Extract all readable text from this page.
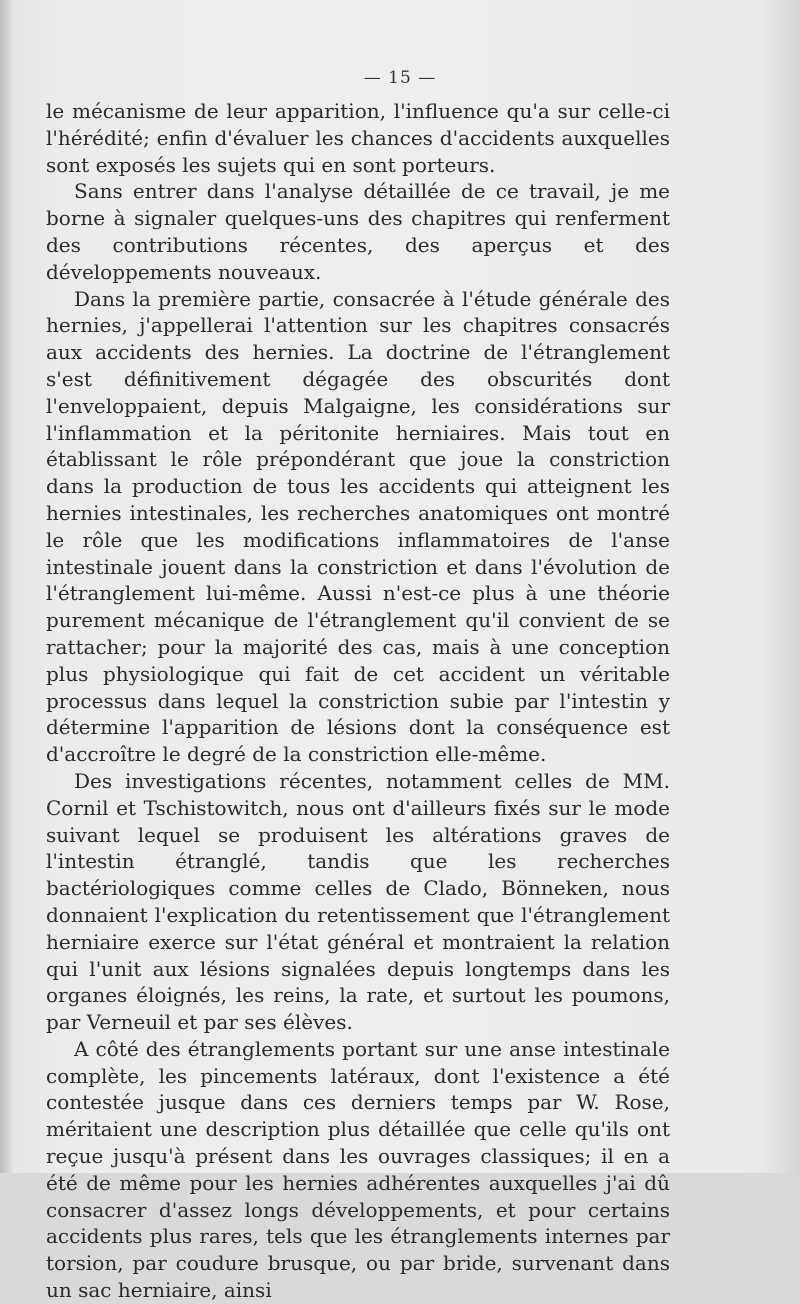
— 15 —

le mécanisme de leur apparition, l'influence qu'a sur celle-ci l'hérédité; enfin d'évaluer les chances d'accidents auxquelles sont exposés les sujets qui en sont porteurs.

Sans entrer dans l'analyse détaillée de ce travail, je me borne à signaler quelques-uns des chapitres qui renferment des contributions récentes, des aperçus et des développements nouveaux.

Dans la première partie, consacrée à l'étude générale des hernies, j'appellerai l'attention sur les chapitres consacrés aux accidents des hernies. La doctrine de l'étranglement s'est définitivement dégagée des obscurités dont l'enveloppaient, depuis Malgaigne, les considérations sur l'inflammation et la péritonite herniaires. Mais tout en établissant le rôle prépondérant que joue la constriction dans la production de tous les accidents qui atteignent les hernies intestinales, les recherches anatomiques ont montré le rôle que les modifications inflammatoires de l'anse intestinale jouent dans la constriction et dans l'évolution de l'étranglement lui-même. Aussi n'est-ce plus à une théorie purement mécanique de l'étranglement qu'il convient de se rattacher; pour la majorité des cas, mais à une conception plus physiologique qui fait de cet accident un véritable processus dans lequel la constriction subie par l'intestin y détermine l'apparition de lésions dont la conséquence est d'accroître le degré de la constriction elle-même.

Des investigations récentes, notamment celles de MM. Cornil et Tschistowitch, nous ont d'ailleurs fixés sur le mode suivant lequel se produisent les altérations graves de l'intestin étranglé, tandis que les recherches bactériologiques comme celles de Clado, Bönneken, nous donnaient l'explication du retentissement que l'étranglement herniaire exerce sur l'état général et montraient la relation qui l'unit aux lésions signalées depuis longtemps dans les organes éloignés, les reins, la rate, et surtout les poumons, par Verneuil et par ses élèves.

A côté des étranglements portant sur une anse intestinale complète, les pincements latéraux, dont l'existence a été contestée jusque dans ces derniers temps par W. Rose, méritaient une description plus détaillée que celle qu'ils ont reçue jusqu'à présent dans les ouvrages classiques; il en a été de même pour les hernies adhérentes auxquelles j'ai dû consacrer d'assez longs développements, et pour certains accidents plus rares, tels que les étranglements internes par torsion, par coudure brusque, ou par bride, survenant dans un sac herniaire, ainsi
